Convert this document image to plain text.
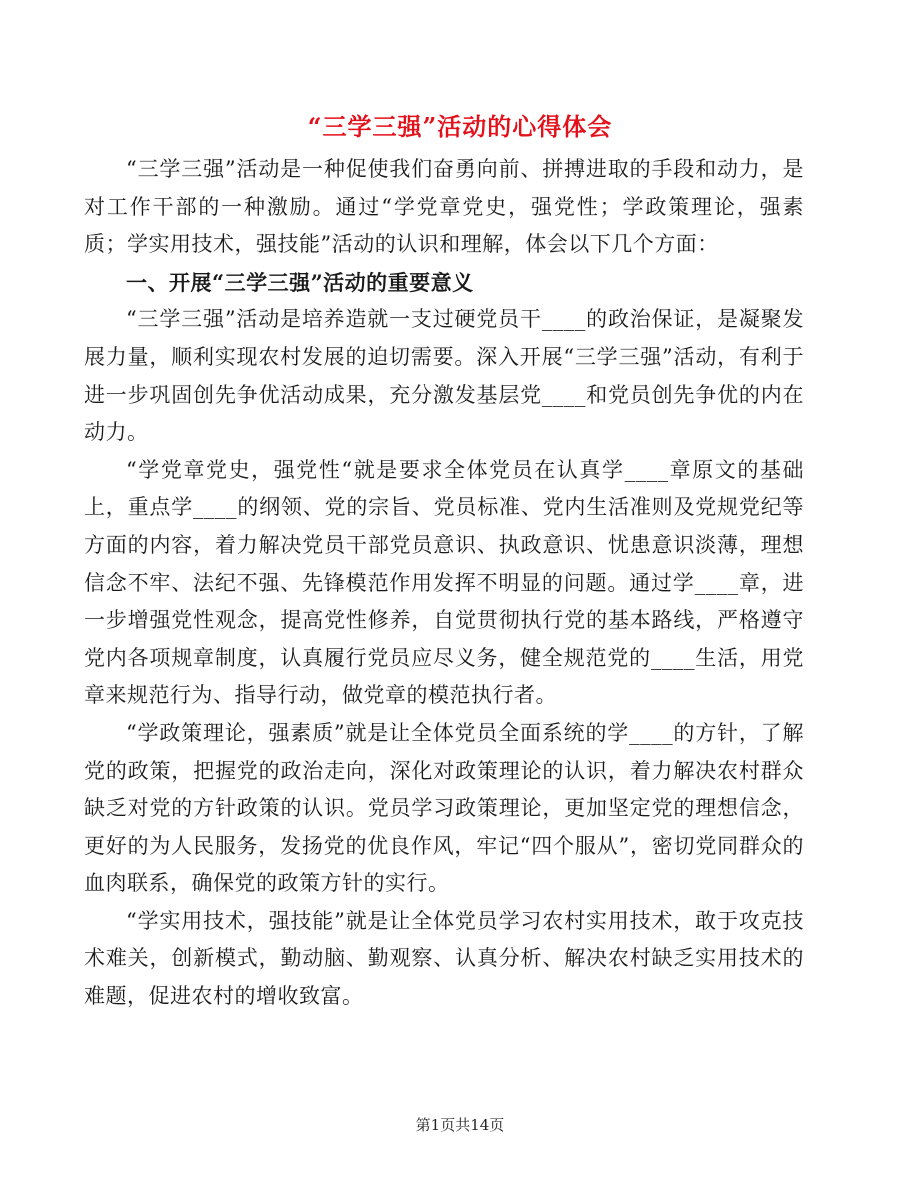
“三学三强”活动的心得体会

“三学三强”活动是一种促使我们奋勇向前、拼搏进取的手段和动力，是对工作干部的一种激励。通过“学党章党史，强党性；学政策理论，强素质；学实用技术，强技能”活动的认识和理解，体会以下几个方面：

一、开展“三学三强”活动的重要意义

“三学三强”活动是培养造就一支过硬党员干____的政治保证，是凝聚发展力量，顺利实现农村发展的迫切需要。深入开展“三学三强”活动，有利于进一步巩固创先争优活动成果，充分激发基层党____和党员创先争优的内在动力。

“学党章党史，强党性“就是要求全体党员在认真学____章原文的基础上，重点学____的纲领、党的宗旨、党员标准、党内生活准则及党规党纪等方面的内容，着力解决党员干部党员意识、执政意识、忧患意识淡薄，理想信念不牢、法纪不强、先锋模范作用发挥不明显的问题。通过学____章，进一步增强党性观念，提高党性修养，自觉贯彻执行党的基本路线，严格遵守党内各项规章制度，认真履行党员应尽义务，健全规范党的____生活，用党章来规范行为、指导行动，做党章的模范执行者。

“学政策理论，强素质”就是让全体党员全面系统的学____的方针，了解党的政策，把握党的政治走向，深化对政策理论的认识，着力解决农村群众缺乏对党的方针政策的认识。党员学习政策理论，更加坚定党的理想信念，更好的为人民服务，发扬党的优良作风，牢记“四个服从”，密切党同群众的血肉联系，确保党的政策方针的实行。

“学实用技术，强技能”就是让全体党员学习农村实用技术，敢于攻克技术难关，创新模式，勤动脑、勤观察、认真分析、解决农村缺乏实用技术的难题，促进农村的增收致富。

第1页共14页
